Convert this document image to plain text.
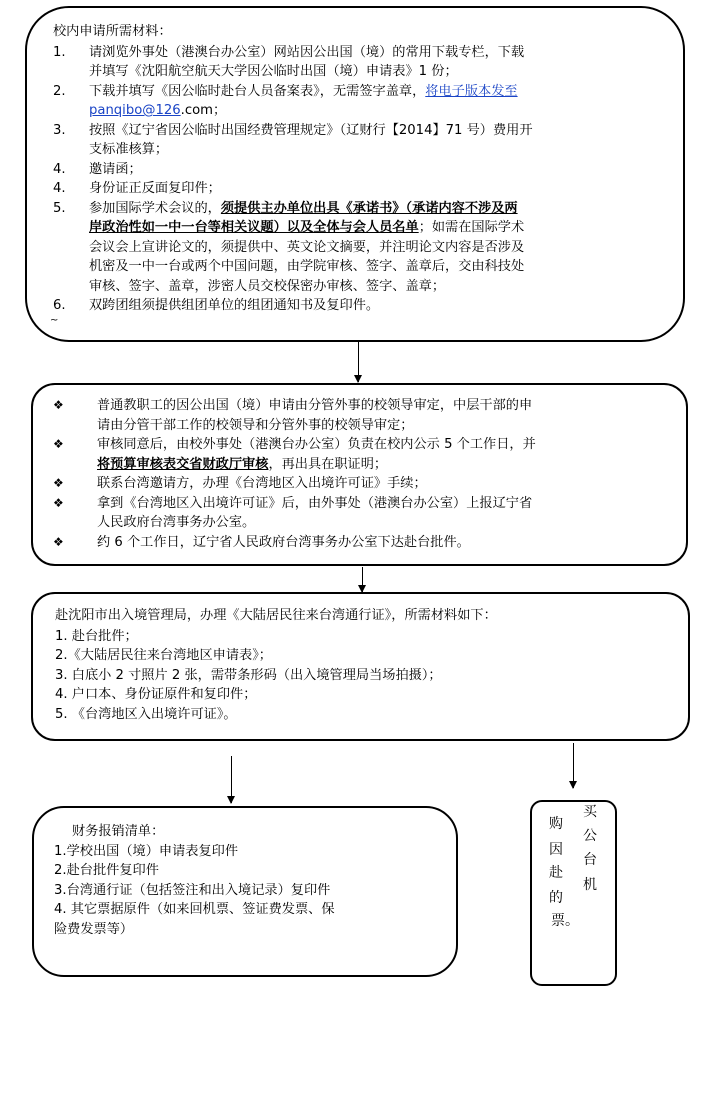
校内申请所需材料：
1.	请浏览外事处（港澳台办公室）网站因公出国（境）的常用下载专栏，下载
并填写《沈阳航空航天大学因公临时出国（境）申请表》1 份；
2.	下载并填写《因公临时赴台人员备案表》，无需签字盖章，将电子版本发至
panqibo@126.com；
3.	按照《辽宁省因公临时出国经费管理规定》（辽财行【2014】71 号）费用开
支标准核算；
4.	邀请函；
4.	身份证正反面复印件；
5.	参加国际学术会议的，须提供主办单位出具《承诺书》（承诺内容不涉及两
岸政治性如一中一台等相关议题）以及全体与会人员名单；如需在国际学术
会议会上宣讲论文的，须提供中、英文论文摘要，并注明论文内容是否涉及
机密及一中一台或两个中国问题，由学院审核、签字、盖章后，交由科技处
审核、签字、盖章，涉密人员交校保密办审核、签字、盖章；
6.	双跨团组须提供组团单位的组团通知书及复印件。
~
❖	普通教职工的因公出国（境）申请由分管外事的校领导审定，中层干部的申
请由分管干部工作的校领导和分管外事的校领导审定；
❖	审核同意后，由校外事处（港澳台办公室）负责在校内公示 5 个工作日，并
将预算审核表交省财政厅审核，再出具在职证明；
❖	联系台湾邀请方，办理《台湾地区入出境许可证》手续；
❖	拿到《台湾地区入出境许可证》后，由外事处（港澳台办公室）上报辽宁省
人民政府台湾事务办公室。
❖	约 6 个工作日，辽宁省人民政府台湾事务办公室下达赴台批件。
赴沈阳市出入境管理局，办理《大陆居民往来台湾通行证》，所需材料如下：
1. 赴台批件；
2.《大陆居民往来台湾地区申请表》；
3. 白底小 2 寸照片 2 张，需带条形码（出入境管理局当场拍摄）；
4. 户口本、身份证原件和复印件；
5. 《台湾地区入出境许可证》。
财务报销清单：
1.学校出国（境）申请表复印件
2.赴台批件复印件
3.台湾通行证（包括签注和出入境记录）复印件
4. 其它票据原件（如来回机票、签证费发票、保
险费发票等）
购
因
赴
的
票。
买
公
台
机
